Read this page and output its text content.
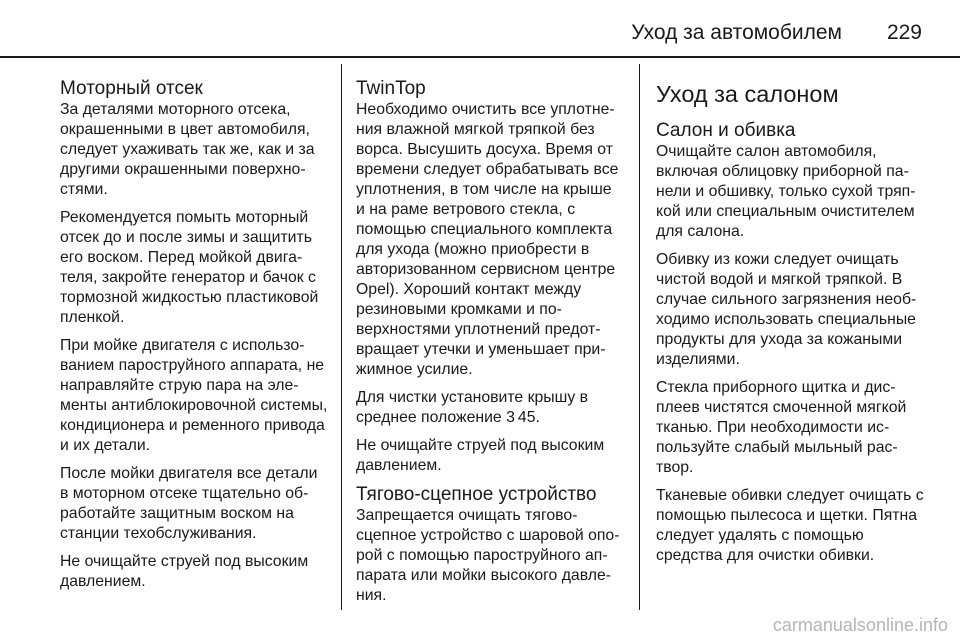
Уход за автомобилем 229
Моторный отсек

За деталями моторного отсека, окрашенными в цвет автомобиля, следует ухаживать так же, как и за другими окрашенными поверхностями.

Рекомендуется помыть моторный отсек до и после зимы и защитить его воском. Перед мойкой двигателя, закройте генератор и бачок с тормозной жидкостью пластиковой пленкой.

При мойке двигателя с использованием пароструйного аппарата, не направляйте струю пара на элементы антиблокировочной системы, кондиционера и ременного привода и их детали.

После мойки двигателя все детали в моторном отсеке тщательно обработайте защитным воском на станции техобслуживания.

Не очищайте струей под высоким давлением.

TwinTop

Необходимо очистить все уплотнения влажной мягкой тряпкой без ворса. Высушить досуха. Время от времени следует обрабатывать все уплотнения, в том числе на крыше и на раме ветрового стекла, с помощью специального комплекта для ухода (можно приобрести в авторизованном сервисном центре Opel). Хороший контакт между резиновыми кромками и поверхностями уплотнений предотвращает утечки и уменьшает прижимное усилие.

Для чистки установите крышу в среднее положение 3 45.

Не очищайте струей под высоким давлением.

Тягово-сцепное устройство

Запрещается очищать тяговосцепное устройство с шаровой опорой с помощью пароструйного аппарата или мойки высокого давления.

Уход за салоном
Салон и обивка

Очищайте салон автомобиля, включая облицовку приборной панели и обшивку, только сухой тряпкой или специальным очистителем для салона.

Обивку из кожи следует очищать чистой водой и мягкой тряпкой. В случае сильного загрязнения необходимо использовать специальные продукты для ухода за кожаными изделиями.

Стекла приборного щитка и дисплеев чистятся смоченной мягкой тканью. При необходимости используйте слабый мыльный раствор.

Тканевые обивки следует очищать с помощью пылесоса и щетки. Пятна следует удалять с помощью средства для очистки обивки.

carmanualsonline.info
